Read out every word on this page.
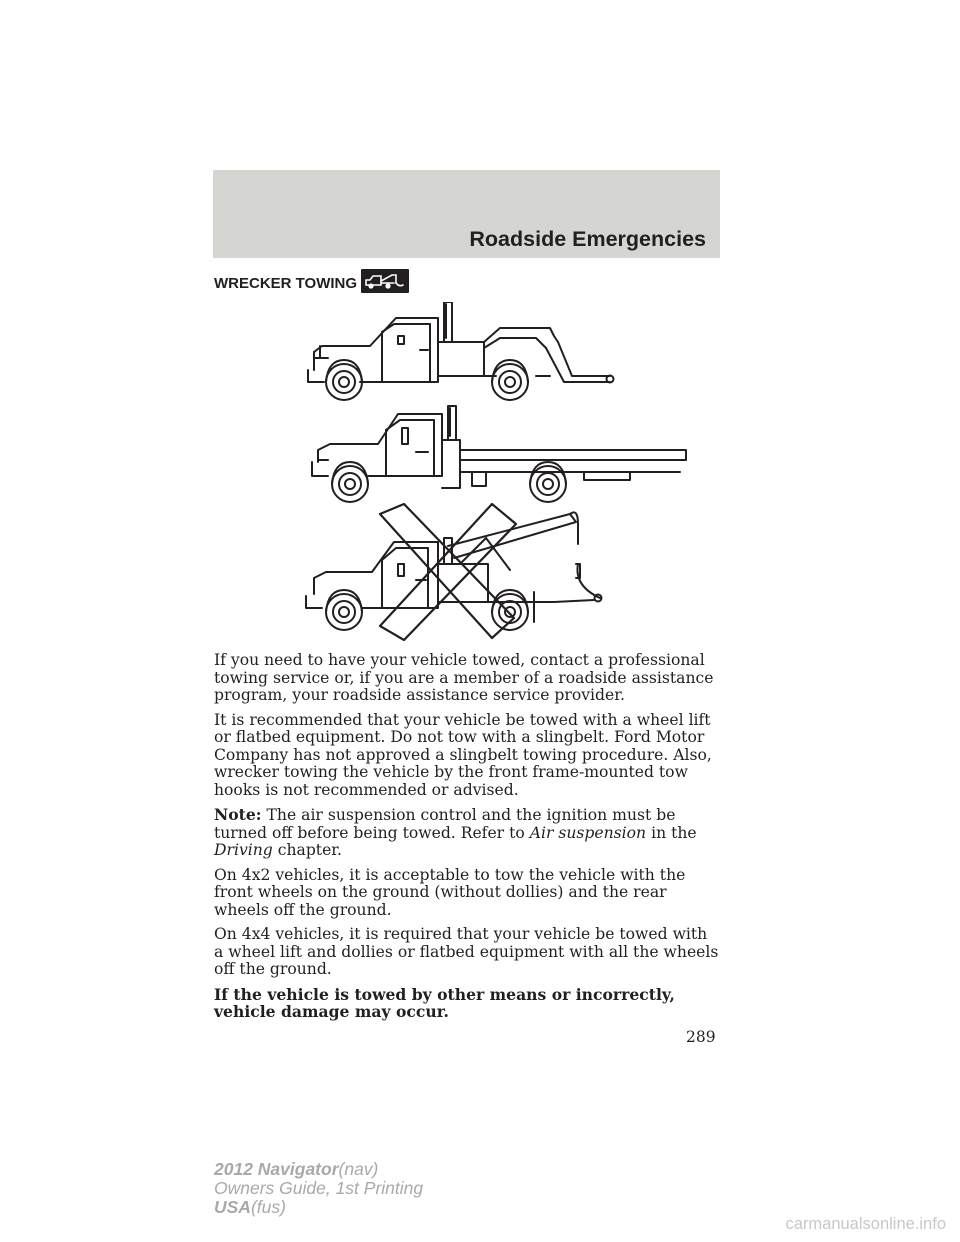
Roadside Emergencies
WRECKER TOWING

If you need to have your vehicle towed, contact a professional towing service or, if you are a member of a roadside assistance program, your roadside assistance service provider.

It is recommended that your vehicle be towed with a wheel lift or flatbed equipment. Do not tow with a slingbelt. Ford Motor Company has not approved a slingbelt towing procedure. Also, wrecker towing the vehicle by the front frame-mounted tow hooks is not recommended or advised.

Note: The air suspension control and the ignition must be turned off before being towed. Refer to Air suspension in the Driving chapter.

On 4x2 vehicles, it is acceptable to tow the vehicle with the front wheels on the ground (without dollies) and the rear wheels off the ground.

On 4x4 vehicles, it is required that your vehicle be towed with a wheel lift and dollies or flatbed equipment with all the wheels off the ground.

If the vehicle is towed by other means or incorrectly, vehicle damage may occur.

289
2012 Navigator(nav)
Owners Guide, 1st Printing
USA(fus)
carmanualsonline.info
